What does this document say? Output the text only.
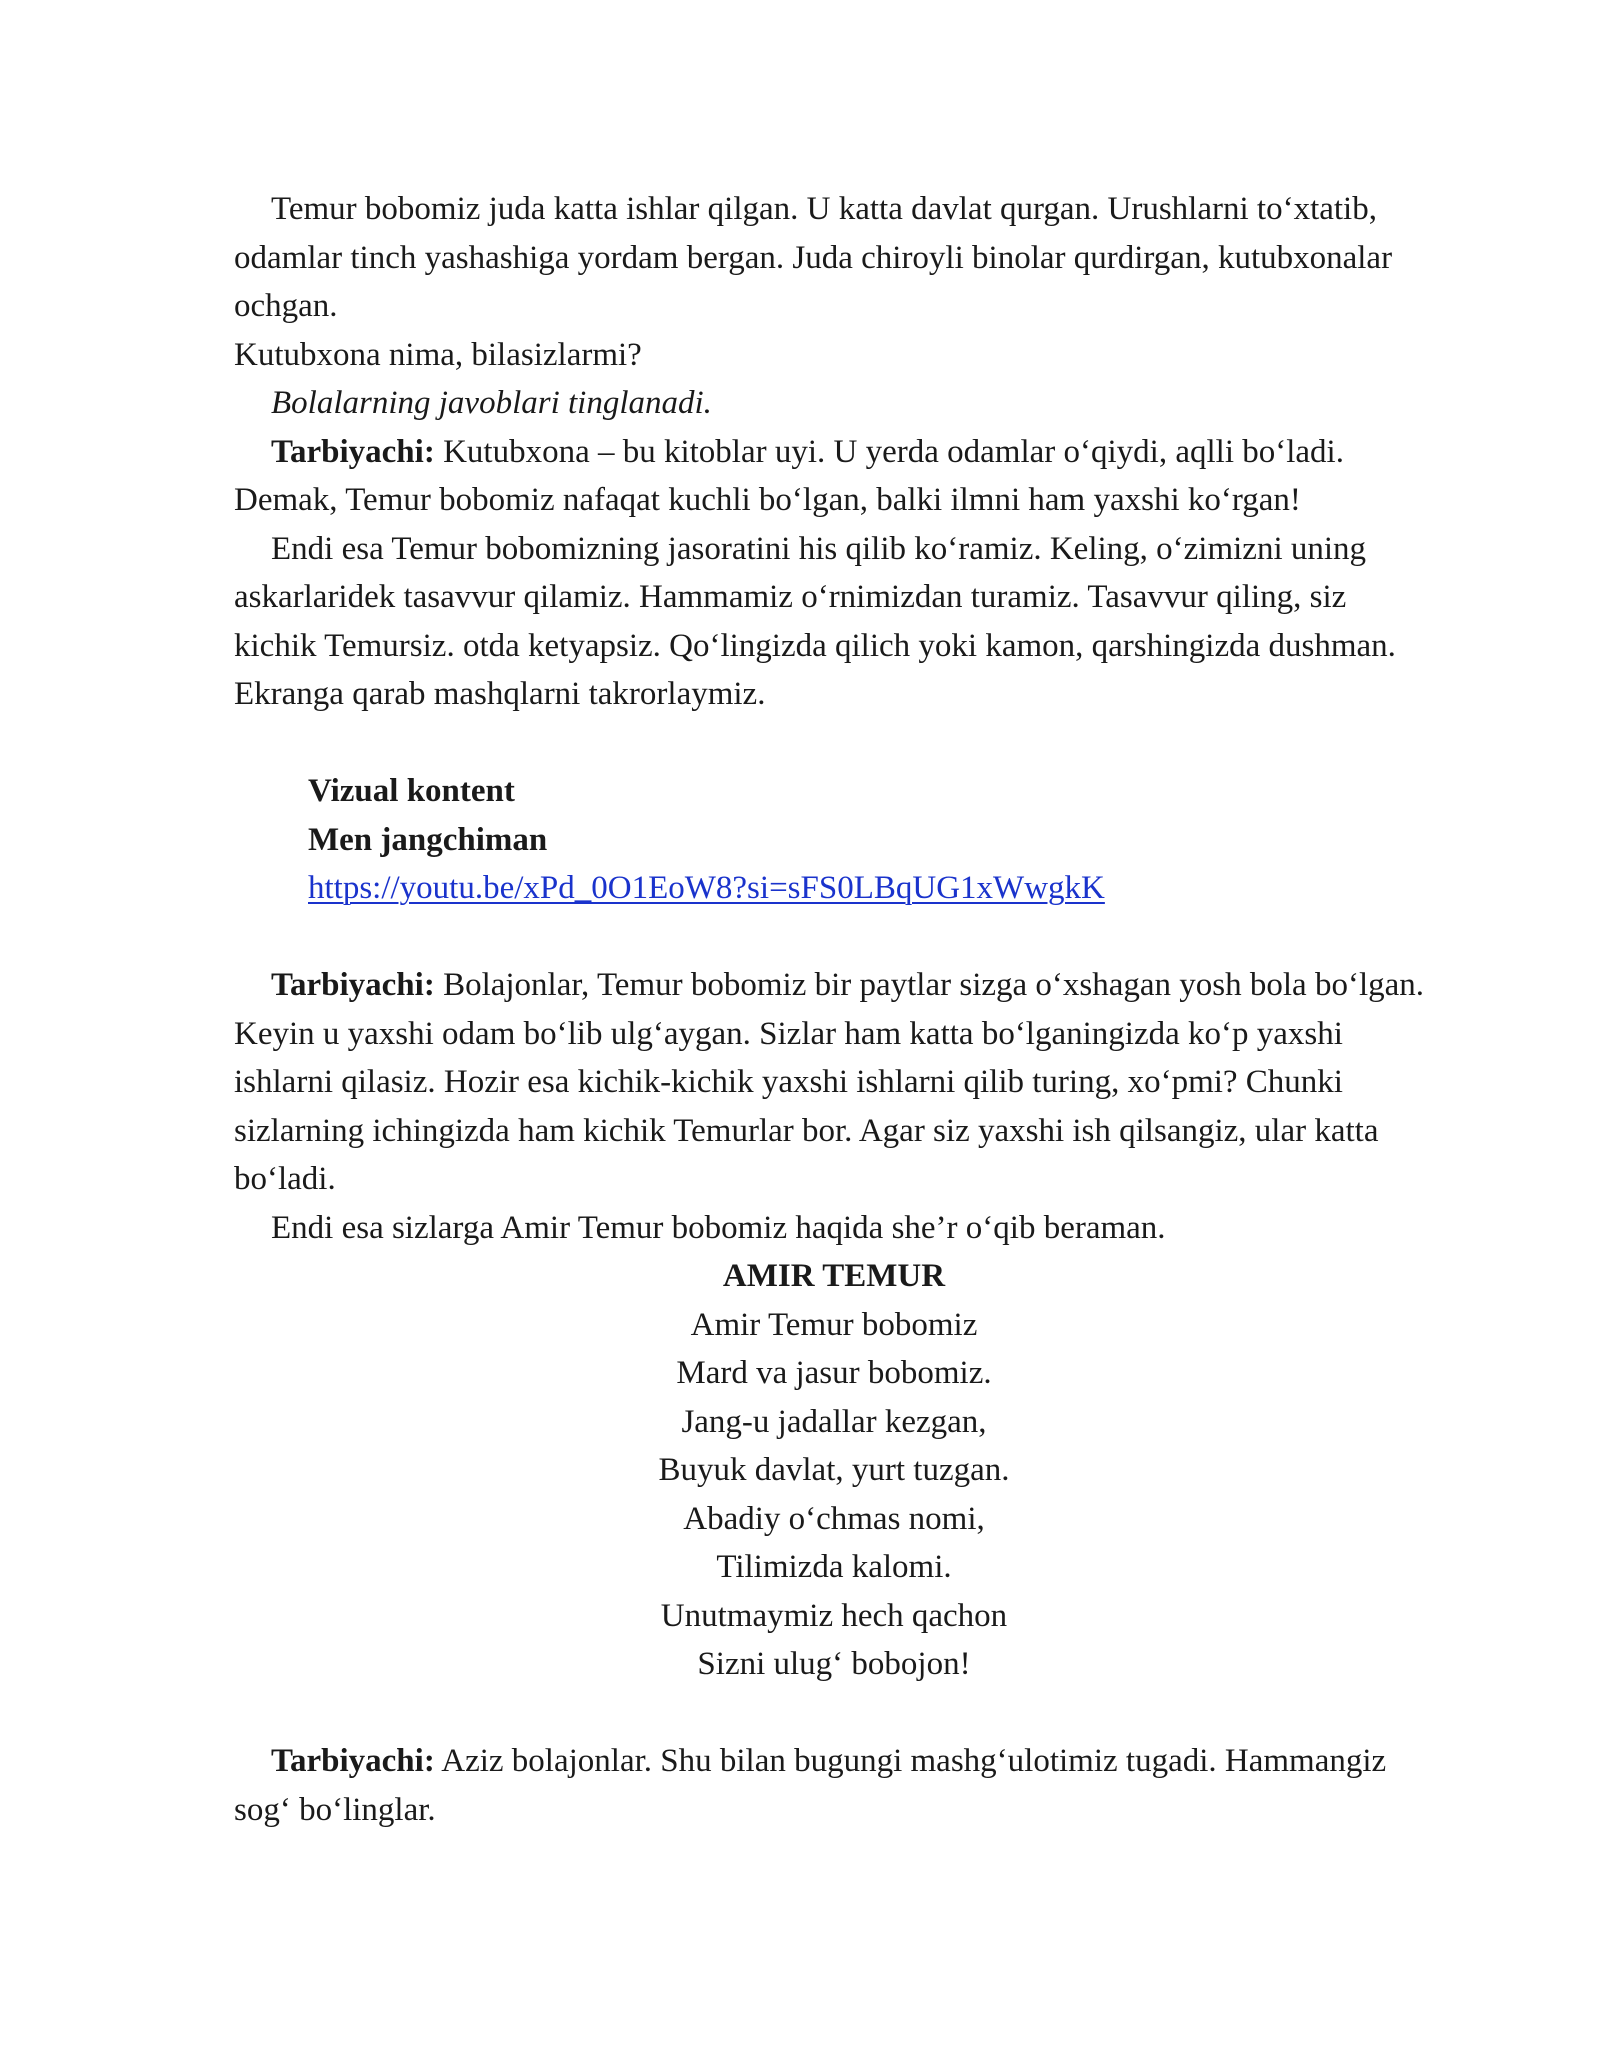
Temur bobomiz juda katta ishlar qilgan. U katta davlat qurgan. Urushlarni to‘xtatib, odamlar tinch yashashiga yordam bergan. Juda chiroyli binolar qurdirgan, kutubxonalar ochgan.

Kutubxona nima, bilasizlarmi?

Bolalarning javoblari tinglanadi.

Tarbiyachi: Kutubxona – bu kitoblar uyi. U yerda odamlar o‘qiydi, aqlli bo‘ladi. Demak, Temur bobomiz nafaqat kuchli bo‘lgan, balki ilmni ham yaxshi ko‘rgan!

Endi esa Temur bobomizning jasoratini his qilib ko‘ramiz. Keling, o‘zimizni uning askarlaridek tasavvur qilamiz. Hammamiz o‘rnimizdan turamiz. Tasavvur qiling, siz kichik Temursiz. otda ketyapsiz. Qo‘lingizda qilich yoki kamon, qarshingizda dushman. Ekranga qarab mashqlarni takrorlaymiz.

Vizual kontent

Men jangchiman

https://youtu.be/xPd_0O1EoW8?si=sFS0LBqUG1xWwgkK

Tarbiyachi: Bolajonlar, Temur bobomiz bir paytlar sizga o‘xshagan yosh bola bo‘lgan. Keyin u yaxshi odam bo‘lib ulg‘aygan. Sizlar ham katta bo‘lganingizda ko‘p yaxshi ishlarni qilasiz. Hozir esa kichik-kichik yaxshi ishlarni qilib turing, xo‘pmi? Chunki sizlarning ichingizda ham kichik Temurlar bor. Agar siz yaxshi ish qilsangiz, ular katta bo‘ladi.

Endi esa sizlarga Amir Temur bobomiz haqida she’r o‘qib beraman.

AMIR TEMUR

Amir Temur bobomiz

Mard va jasur bobomiz.

Jang-u jadallar kezgan,

Buyuk davlat, yurt tuzgan.

Abadiy o‘chmas nomi,

Tilimizda kalomi.

Unutmaymiz hech qachon

Sizni ulug‘ bobojon!

Tarbiyachi: Aziz bolajonlar. Shu bilan bugungi mashg‘ulotimiz tugadi. Hammangiz sog‘ bo‘linglar.
